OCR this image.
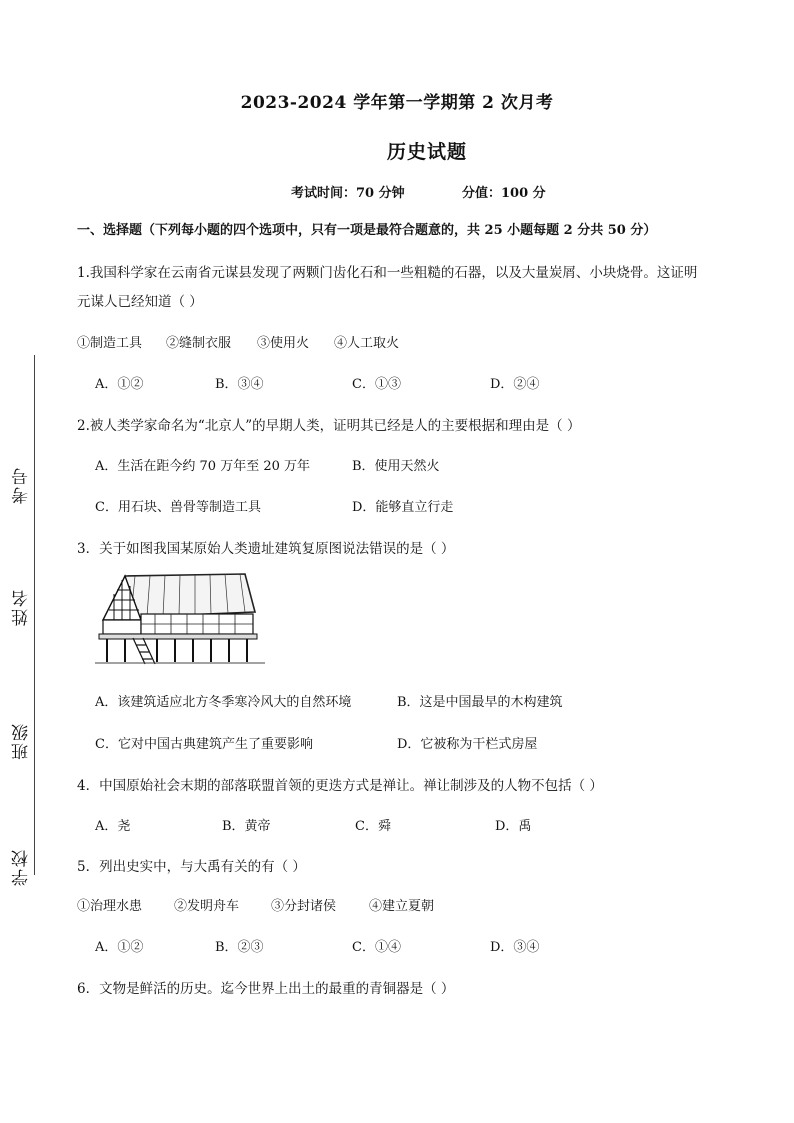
考号
姓名
班级
学校
2023-2024 学年第一学期第 2 次月考
历史试题
考试时间：70 分钟	分值：100 分
一、选择题（下列每小题的四个选项中，只有一项是最符合题意的，共 25 小题每题 2 分共 50 分）
1.我国科学家在云南省元谋县发现了两颗门齿化石和一些粗糙的石器，以及大量炭屑、小块烧骨。这证明
元谋人已经知道（ ）
①制造工具 ②缝制衣服 ③使用火 ④人工取火
A．①②	B．③④	C．①③	D．②④
2.被人类学家命名为“北京人”的早期人类，证明其已经是人的主要根据和理由是（ ）
A．生活在距今约 70 万年至 20 万年	B．使用天然火
C．用石块、兽骨等制造工具	D．能够直立行走
3．关于如图我国某原始人类遗址建筑复原图说法错误的是（ ）
A．该建筑适应北方冬季寒冷风大的自然环境	B．这是中国最早的木构建筑
C．它对中国古典建筑产生了重要影响	D．它被称为干栏式房屋
4．中国原始社会末期的部落联盟首领的更迭方式是禅让。禅让制涉及的人物不包括（ ）
A．尧	B．黄帝	C．舜	D．禹
5．列出史实中，与大禹有关的有（ ）
①治理水患 ②发明舟车 ③分封诸侯	④建立夏朝
A．①②	B．②③	C．①④	D．③④
6．文物是鲜活的历史。迄今世界上出土的最重的青铜器是（ ）
